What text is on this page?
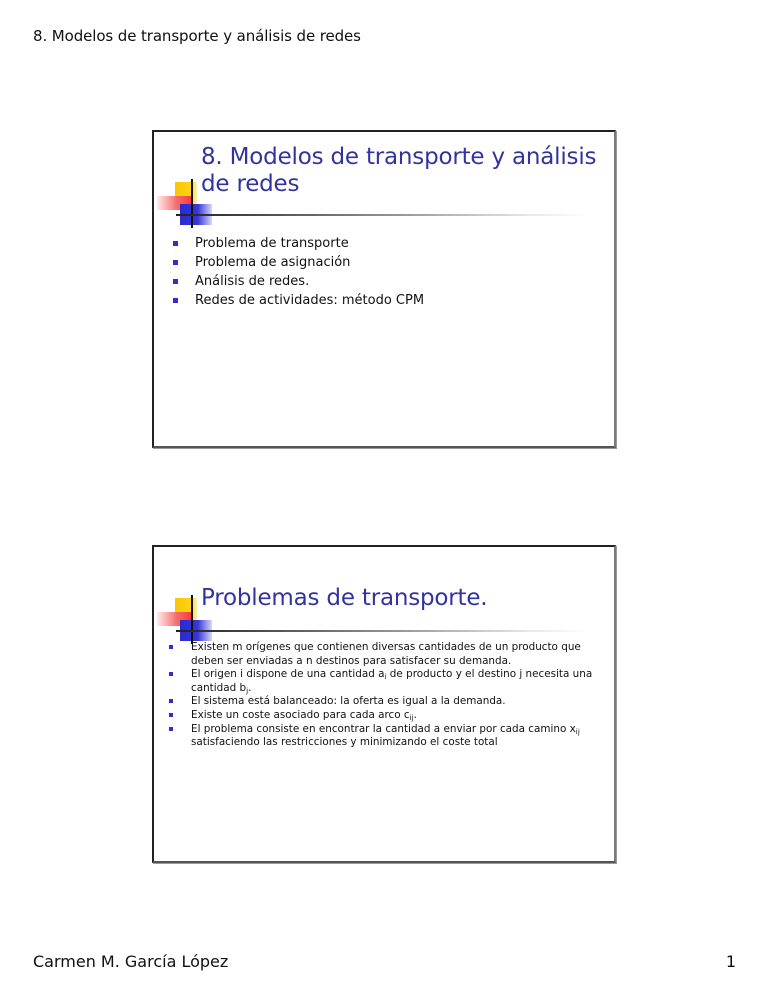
8. Modelos de transporte y análisis de redes
8. Modelos de transporte y análisis de redes
Problema de transporte
Problema de asignación
Análisis de redes.
Redes de actividades: método CPM
Problemas de transporte.
Existen m orígenes que contienen diversas cantidades de un producto que deben ser enviadas a n destinos para satisfacer su demanda.
El origen i dispone de una cantidad $a_i$ de producto y el destino j necesita una cantidad $b_j$.
El sistema está balanceado: la oferta es igual a la demanda.
Existe un coste asociado para cada arco $c_{ij}$.
El problema consiste en encontrar la cantidad a enviar por cada camino $x_{ij}$ satisfaciendo las restricciones y minimizando el coste total
Carmen M. García López	1
